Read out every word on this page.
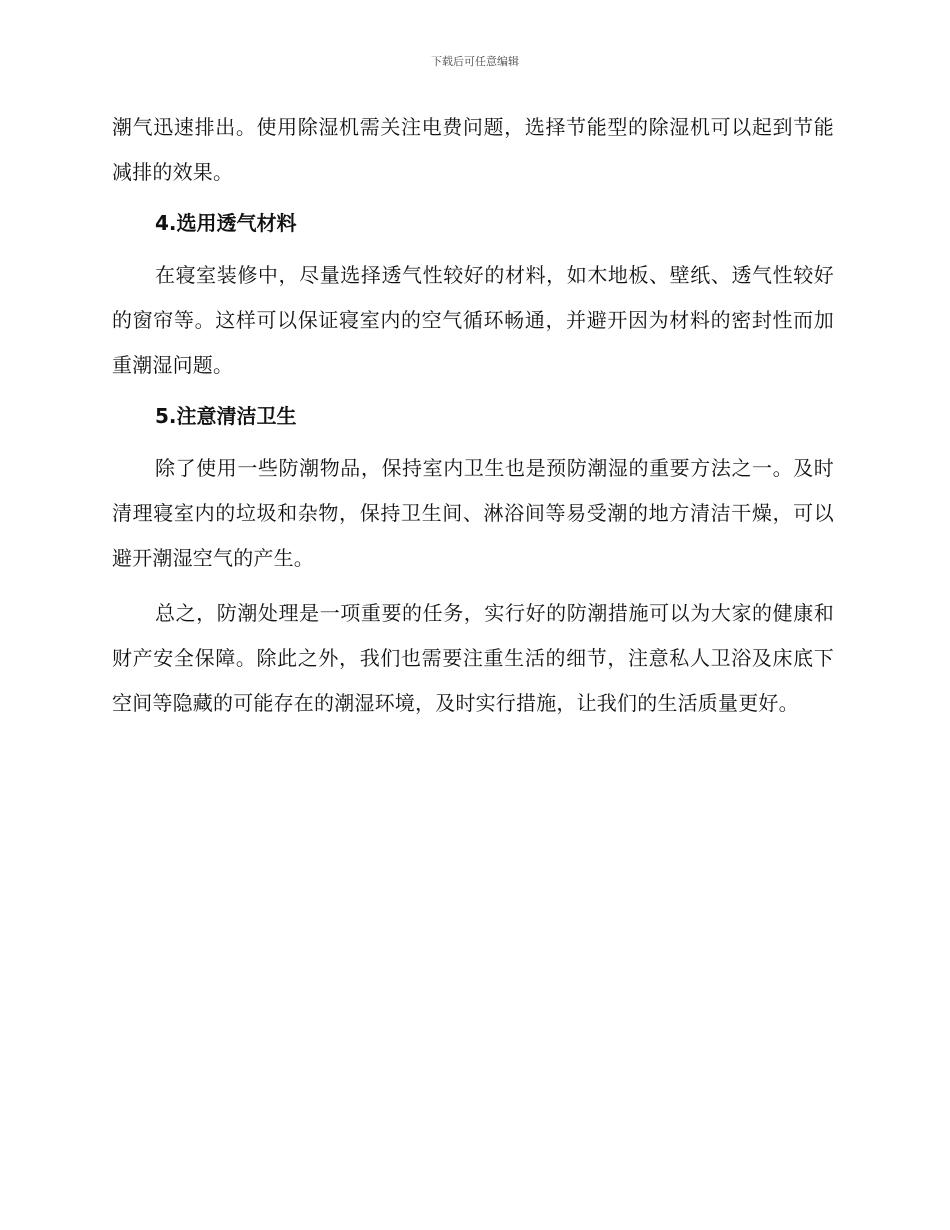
下载后可任意编辑

潮气迅速排出。使用除湿机需关注电费问题，选择节能型的除湿机可以起到节能减排的效果。

4.选用透气材料

在寝室装修中，尽量选择透气性较好的材料，如木地板、壁纸、透气性较好的窗帘等。这样可以保证寝室内的空气循环畅通，并避开因为材料的密封性而加重潮湿问题。

5.注意清洁卫生

除了使用一些防潮物品，保持室内卫生也是预防潮湿的重要方法之一。及时清理寝室内的垃圾和杂物，保持卫生间、淋浴间等易受潮的地方清洁干燥，可以避开潮湿空气的产生。

总之，防潮处理是一项重要的任务，实行好的防潮措施可以为大家的健康和财产安全保障。除此之外，我们也需要注重生活的细节，注意私人卫浴及床底下空间等隐藏的可能存在的潮湿环境，及时实行措施，让我们的生活质量更好。
